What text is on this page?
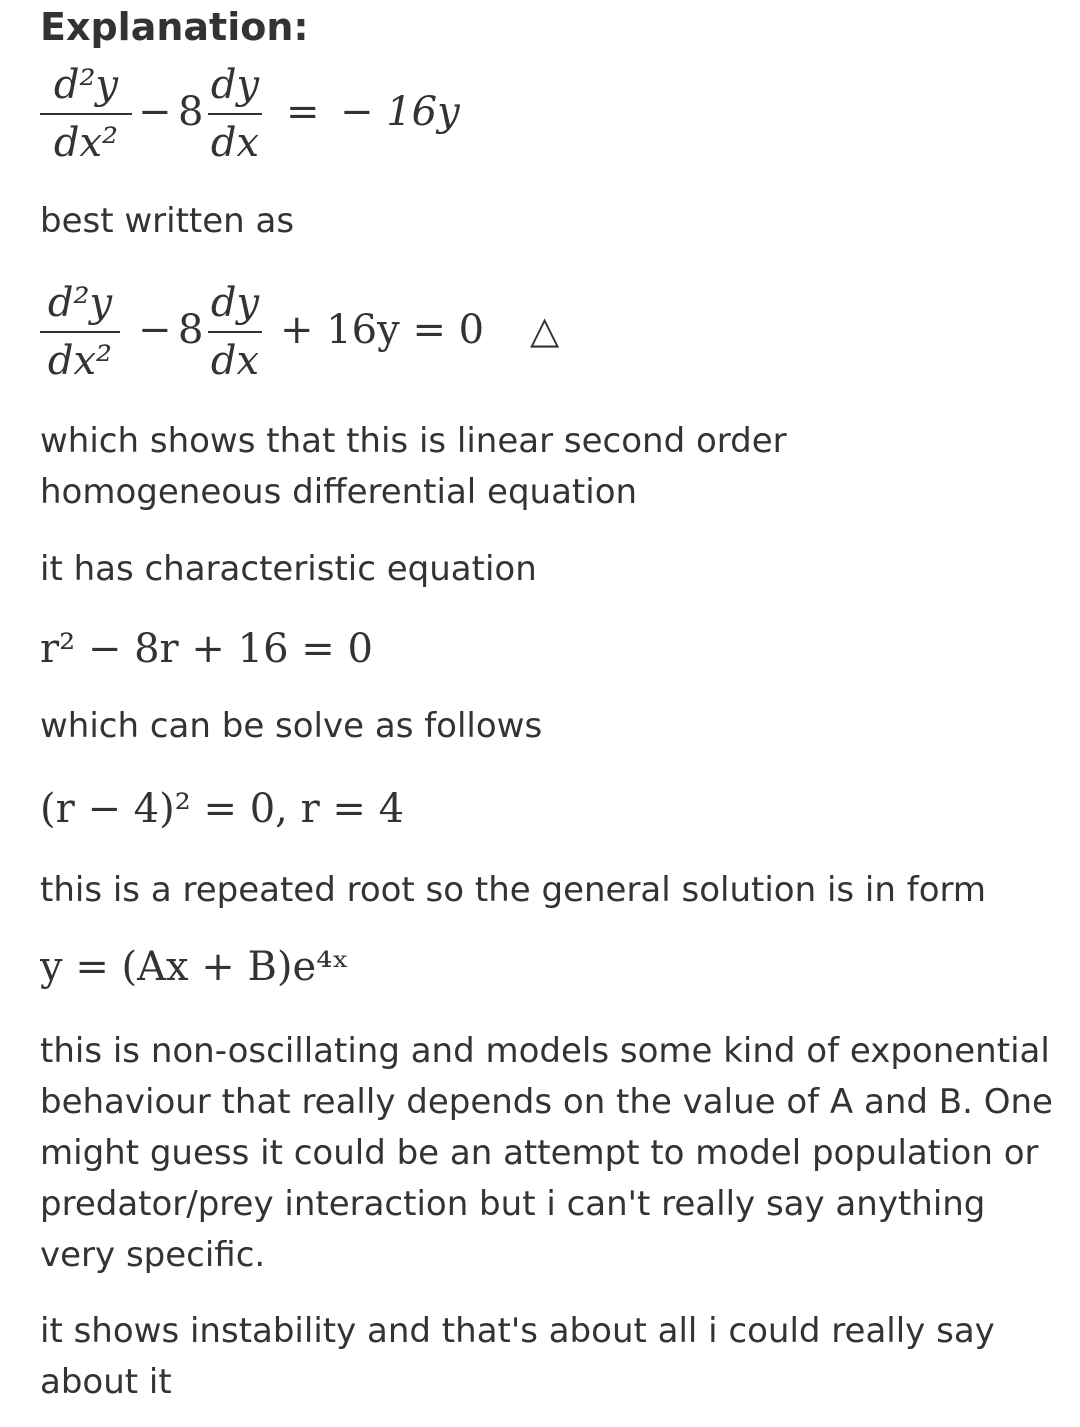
Explanation:
d²y
dx²
− 8
dy
dx
= − 16y
best written as
d²y
dx²
− 8
dy
dx
+ 16y = 0 △
which shows that this is linear second order homogeneous differential equation
it has characteristic equation
r² − 8r + 16 = 0
which can be solve as follows
(r − 4)² = 0, r = 4
this is a repeated root so the general solution is in form
y = (Ax + B)e⁴ˣ
this is non-oscillating and models some kind of exponential behaviour that really depends on the value of A and B. One might guess it could be an attempt to model population or predator/prey interaction but i can't really say anything very specific.
it shows instability and that's about all i could really say about it
